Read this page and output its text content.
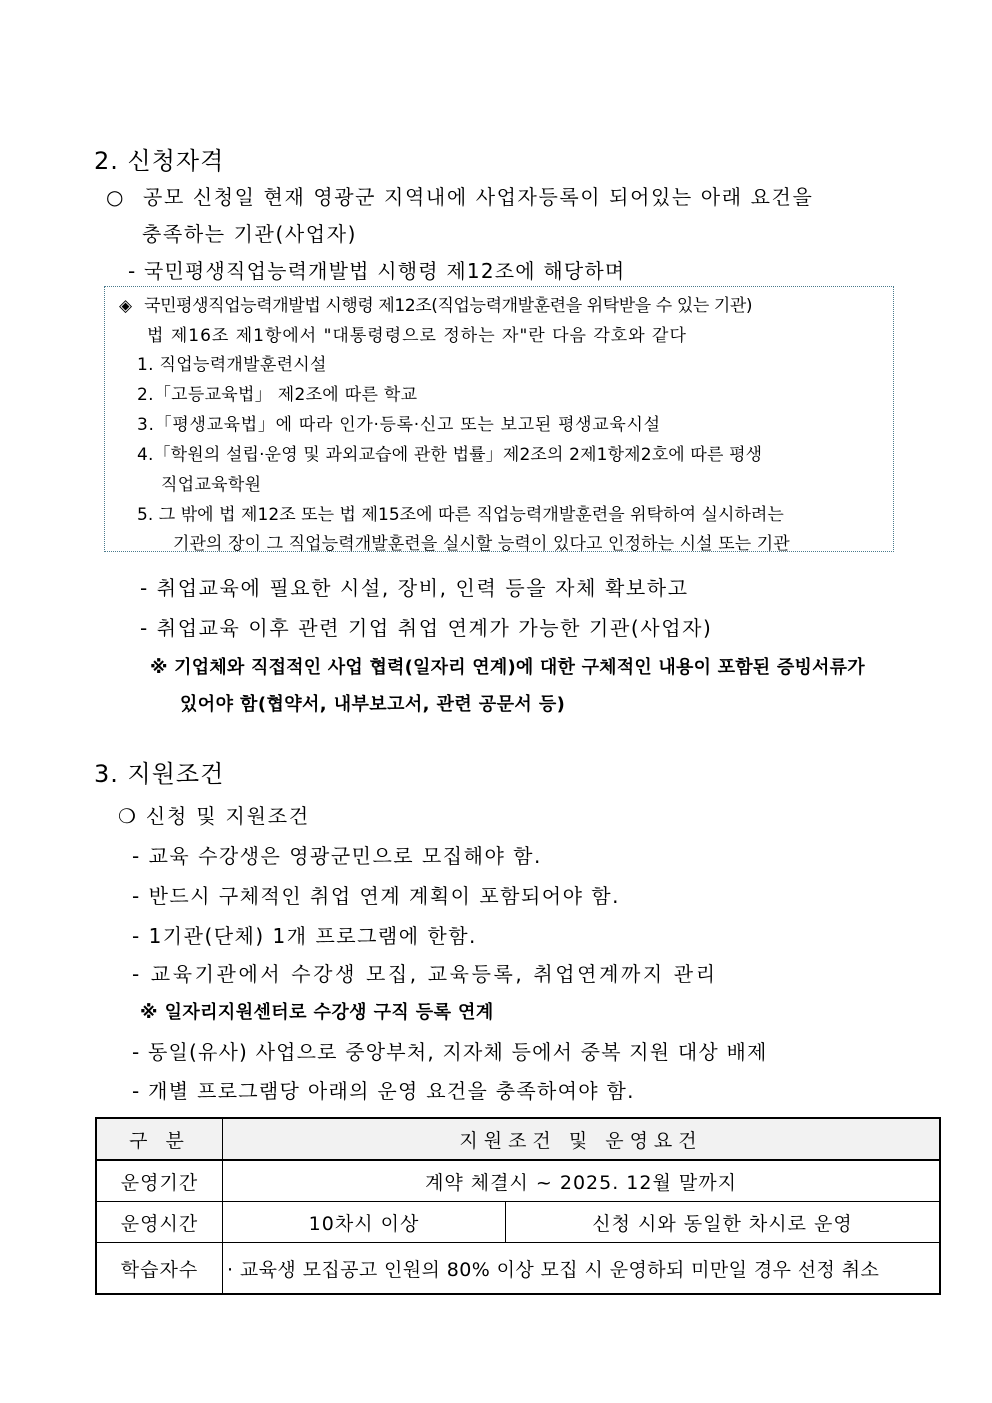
2. 신청자격
○ 공모 신청일 현재 영광군 지역내에 사업자등록이 되어있는 아래 요건을
충족하는 기관(사업자)
- 국민평생직업능력개발법 시행령 제12조에 해당하며
◈ 국민평생직업능력개발법 시행령 제12조(직업능력개발훈련을 위탁받을 수 있는 기관)
법 제16조 제1항에서 "대통령령으로 정하는 자"란 다음 각호와 같다
1. 직업능력개발훈련시설
2.「고등교육법」 제2조에 따른 학교
3.「평생교육법」에 따라 인가·등록·신고 또는 보고된 평생교육시설
4.「학원의 설립·운영 및 과외교습에 관한 법률」제2조의 2제1항제2호에 따른 평생
직업교육학원
5. 그 밖에 법 제12조 또는 법 제15조에 따른 직업능력개발훈련을 위탁하여 실시하려는
기관의 장이 그 직업능력개발훈련을 실시할 능력이 있다고 인정하는 시설 또는 기관
- 취업교육에 필요한 시설, 장비, 인력 등을 자체 확보하고
- 취업교육 이후 관련 기업 취업 연계가 가능한 기관(사업자)
※ 기업체와 직접적인 사업 협력(일자리 연계)에 대한 구체적인 내용이 포함된 증빙서류가
있어야 함(협약서, 내부보고서, 관련 공문서 등)
3. 지원조건
❍ 신청 및 지원조건
- 교육 수강생은 영광군민으로 모집해야 함.
- 반드시 구체적인 취업 연계 계획이 포함되어야 함.
- 1기관(단체) 1개 프로그램에 한함.
- 교육기관에서 수강생 모집, 교육등록, 취업연계까지 관리
※ 일자리지원센터로 수강생 구직 등록 연계
- 동일(유사) 사업으로 중앙부처, 지자체 등에서 중복 지원 대상 배제
- 개별 프로그램당 아래의 운영 요건을 충족하여야 함.
구 분	지원조건 및 운영요건	
운영기간	계약 체결시 ~ 2025. 12월 말까지	
운영시간	10차시 이상	신청 시와 동일한 차시로 운영
학습자수	· 교육생 모집공고 인원의 80% 이상 모집 시 운영하되 미만일 경우 선정 취소	
